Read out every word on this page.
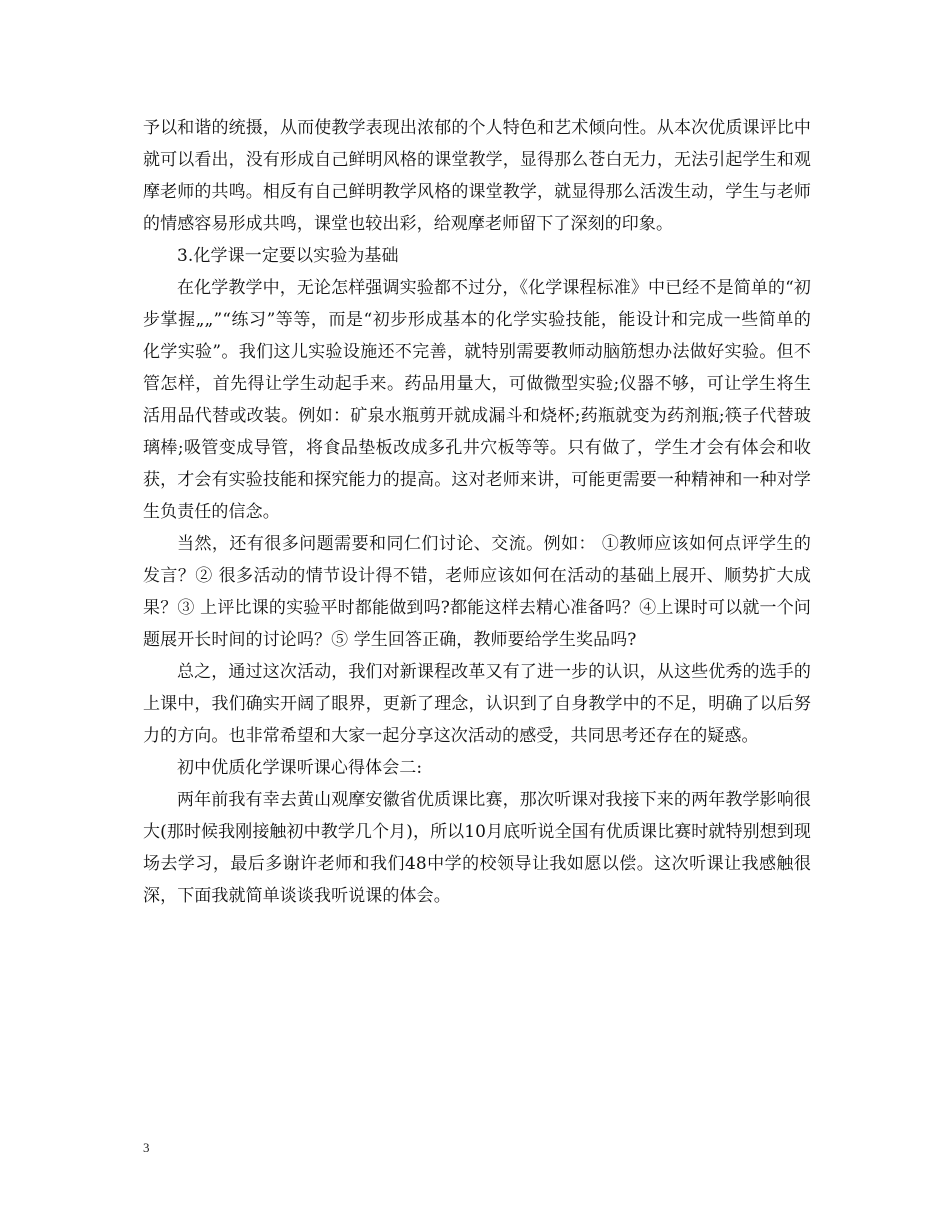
予以和谐的统摄，从而使教学表现出浓郁的个人特色和艺术倾向性。从本次优质课评比中就可以看出，没有形成自己鲜明风格的课堂教学，显得那么苍白无力，无法引起学生和观摩老师的共鸣。相反有自己鲜明教学风格的课堂教学，就显得那么活泼生动，学生与老师的情感容易形成共鸣，课堂也较出彩，给观摩老师留下了深刻的印象。

3.化学课一定要以实验为基础

在化学教学中，无论怎样强调实验都不过分，《化学课程标准》中已经不是简单的“初步掌握„„”“练习”等等，而是“初步形成基本的化学实验技能，能设计和完成一些简单的化学实验”。我们这儿实验设施还不完善，就特别需要教师动脑筋想办法做好实验。但不管怎样，首先得让学生动起手来。药品用量大，可做微型实验;仪器不够，可让学生将生活用品代替或改装。例如：矿泉水瓶剪开就成漏斗和烧杯;药瓶就变为药剂瓶;筷子代替玻璃棒;吸管变成导管，将食品垫板改成多孔井穴板等等。只有做了，学生才会有体会和收获，才会有实验技能和探究能力的提高。这对老师来讲，可能更需要一种精神和一种对学生负责任的信念。

当然，还有很多问题需要和同仁们讨论、交流。例如： ①教师应该如何点评学生的发言？② 很多活动的情节设计得不错，老师应该如何在活动的基础上展开、顺势扩大成果？③ 上评比课的实验平时都能做到吗?都能这样去精心准备吗？④上课时可以就一个问题展开长时间的讨论吗？⑤ 学生回答正确，教师要给学生奖品吗?

总之，通过这次活动，我们对新课程改革又有了进一步的认识，从这些优秀的选手的上课中，我们确实开阔了眼界，更新了理念，认识到了自身教学中的不足，明确了以后努力的方向。也非常希望和大家一起分享这次活动的感受，共同思考还存在的疑惑。

初中优质化学课听课心得体会二:

两年前我有幸去黄山观摩安徽省优质课比赛，那次听课对我接下来的两年教学影响很大(那时候我刚接触初中教学几个月)，所以10月底听说全国有优质课比赛时就特别想到现场去学习，最后多谢许老师和我们48中学的校领导让我如愿以偿。这次听课让我感触很深，下面我就简单谈谈我听说课的体会。

3
